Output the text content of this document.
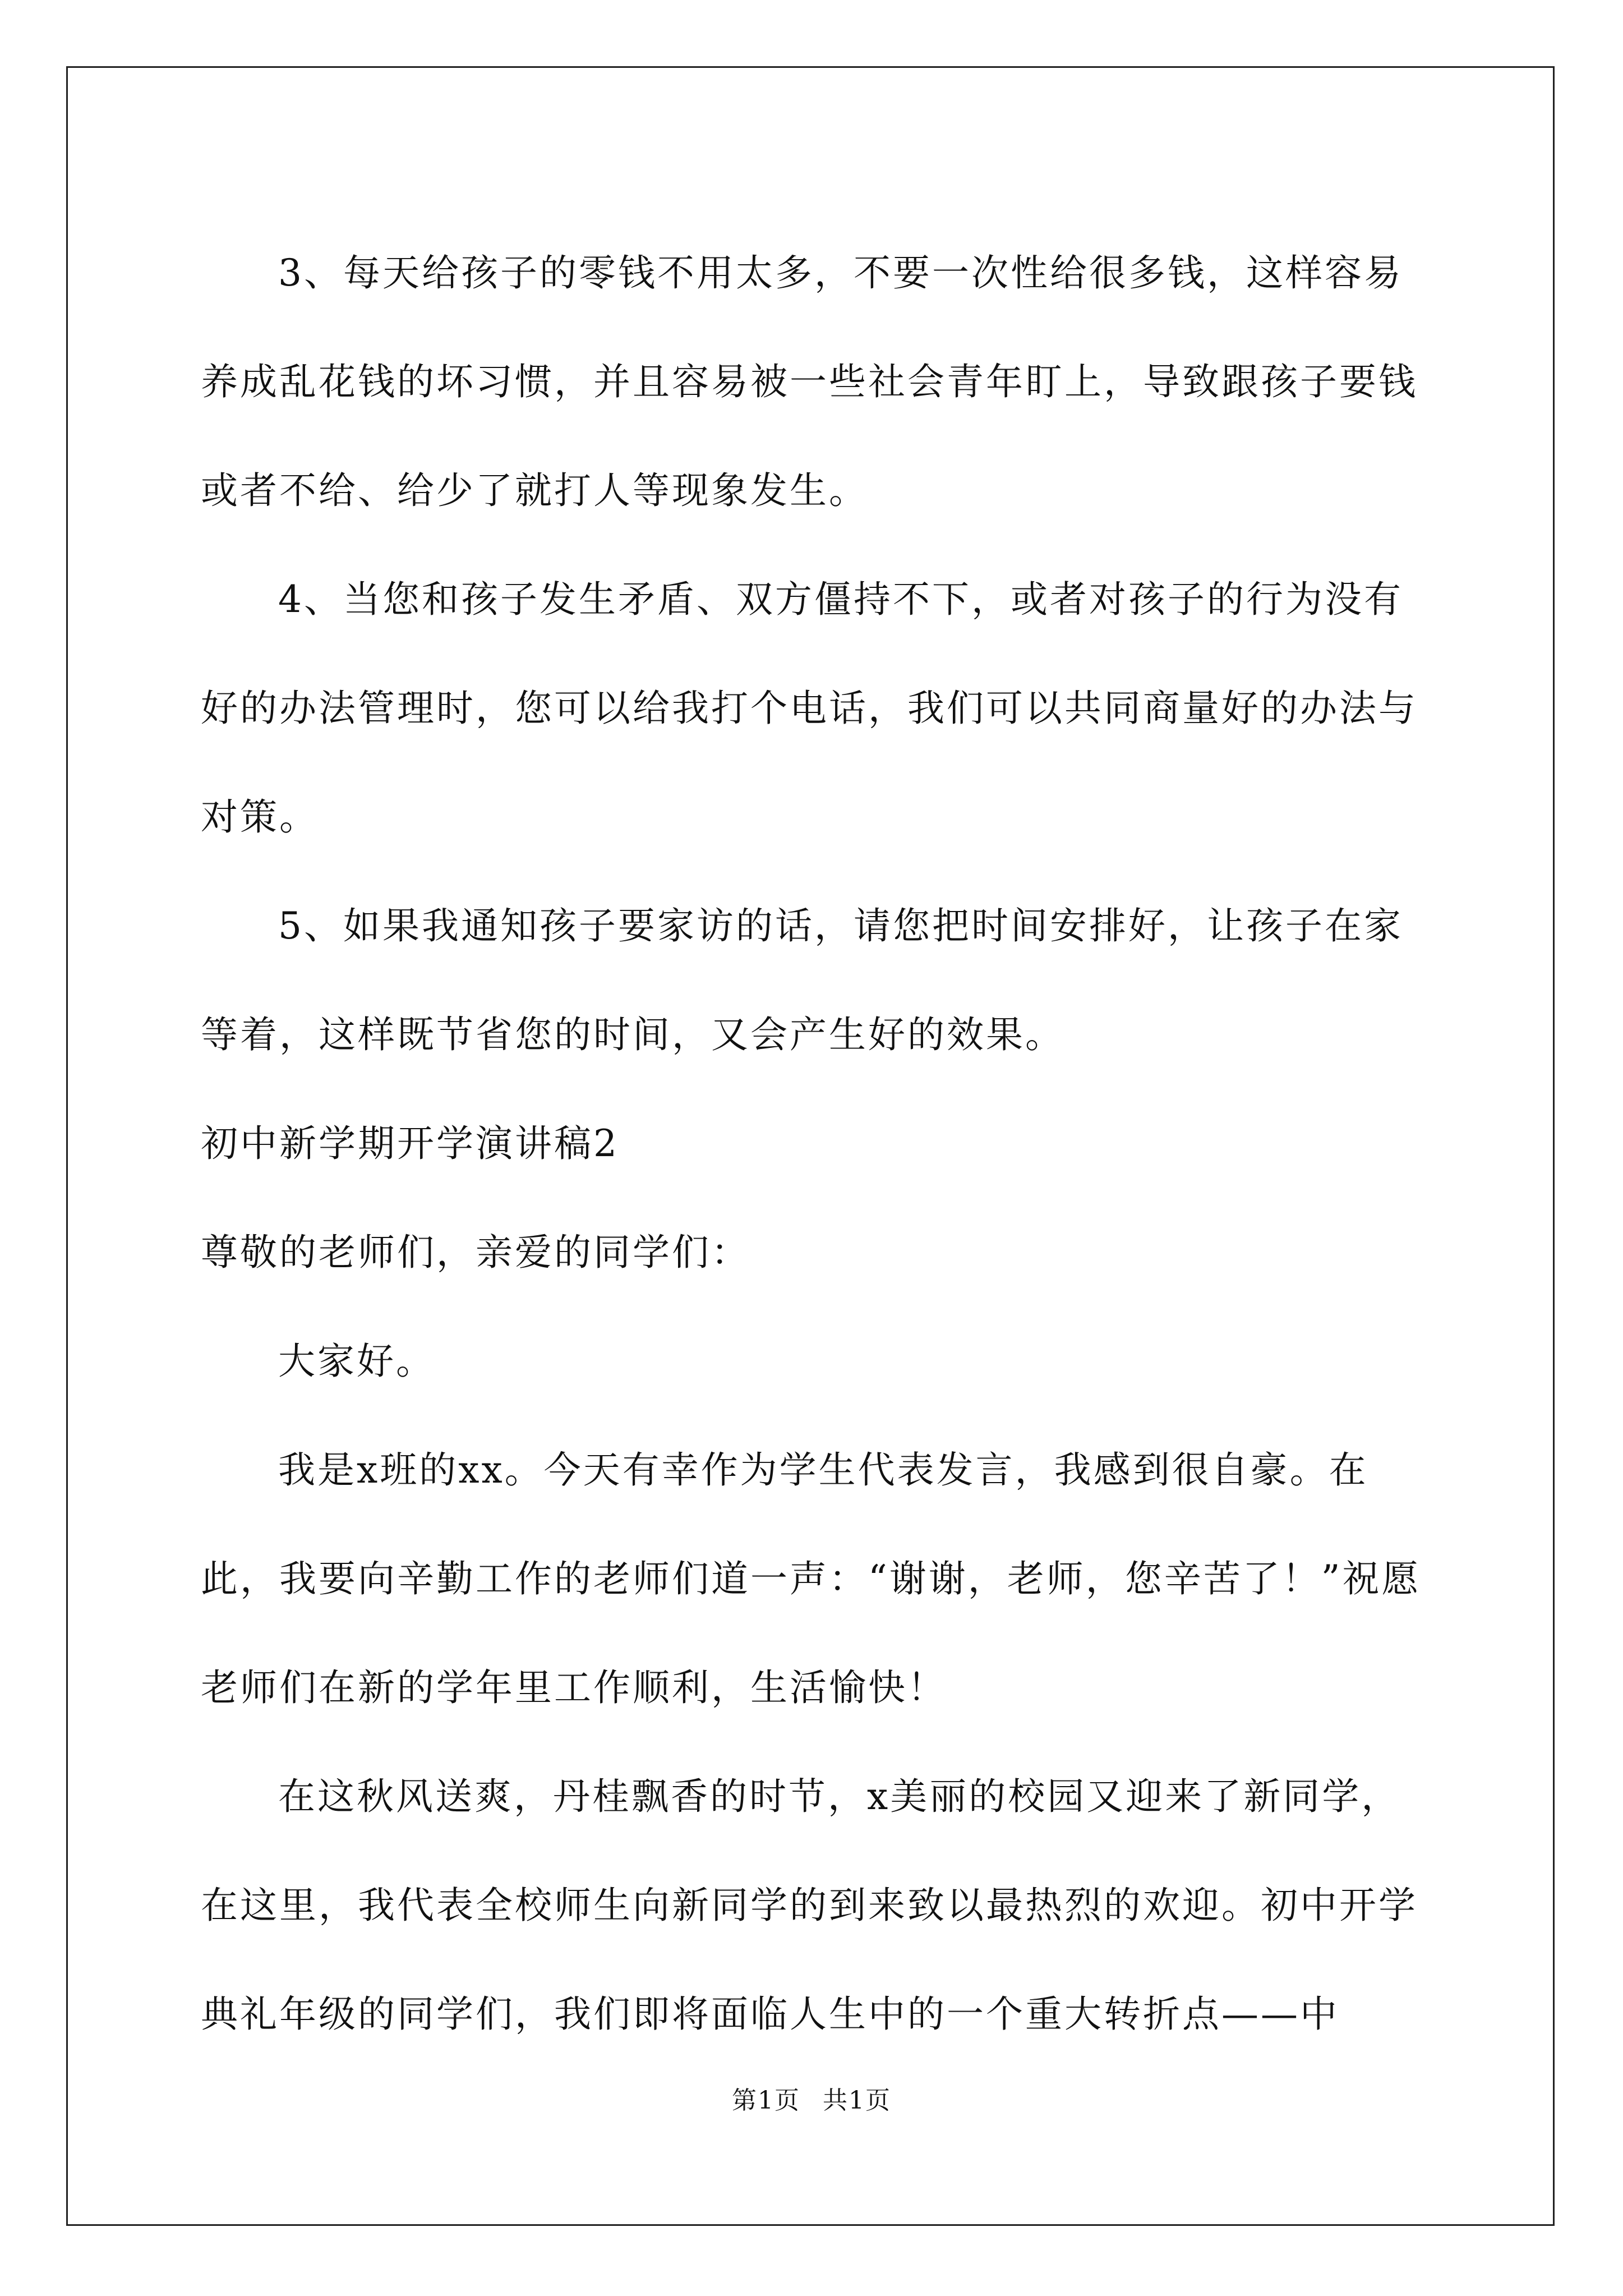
3、每天给孩子的零钱不用太多，不要一次性给很多钱，这样容易养成乱花钱的坏习惯，并且容易被一些社会青年盯上，导致跟孩子要钱或者不给、给少了就打人等现象发生。

4、当您和孩子发生矛盾、双方僵持不下，或者对孩子的行为没有好的办法管理时，您可以给我打个电话，我们可以共同商量好的办法与对策。

5、如果我通知孩子要家访的话，请您把时间安排好，让孩子在家等着，这样既节省您的时间，又会产生好的效果。

初中新学期开学演讲稿2

尊敬的老师们，亲爱的同学们：

大家好。

我是x班的xx。今天有幸作为学生代表发言，我感到很自豪。在此，我要向辛勤工作的老师们道一声：“谢谢，老师，您辛苦了！”祝愿老师们在新的学年里工作顺利，生活愉快！

在这秋风送爽，丹桂飘香的时节，x美丽的校园又迎来了新同学，在这里，我代表全校师生向新同学的到来致以最热烈的欢迎。初中开学典礼年级的同学们，我们即将面临人生中的一个重大转折点——中

第1页 共1页
